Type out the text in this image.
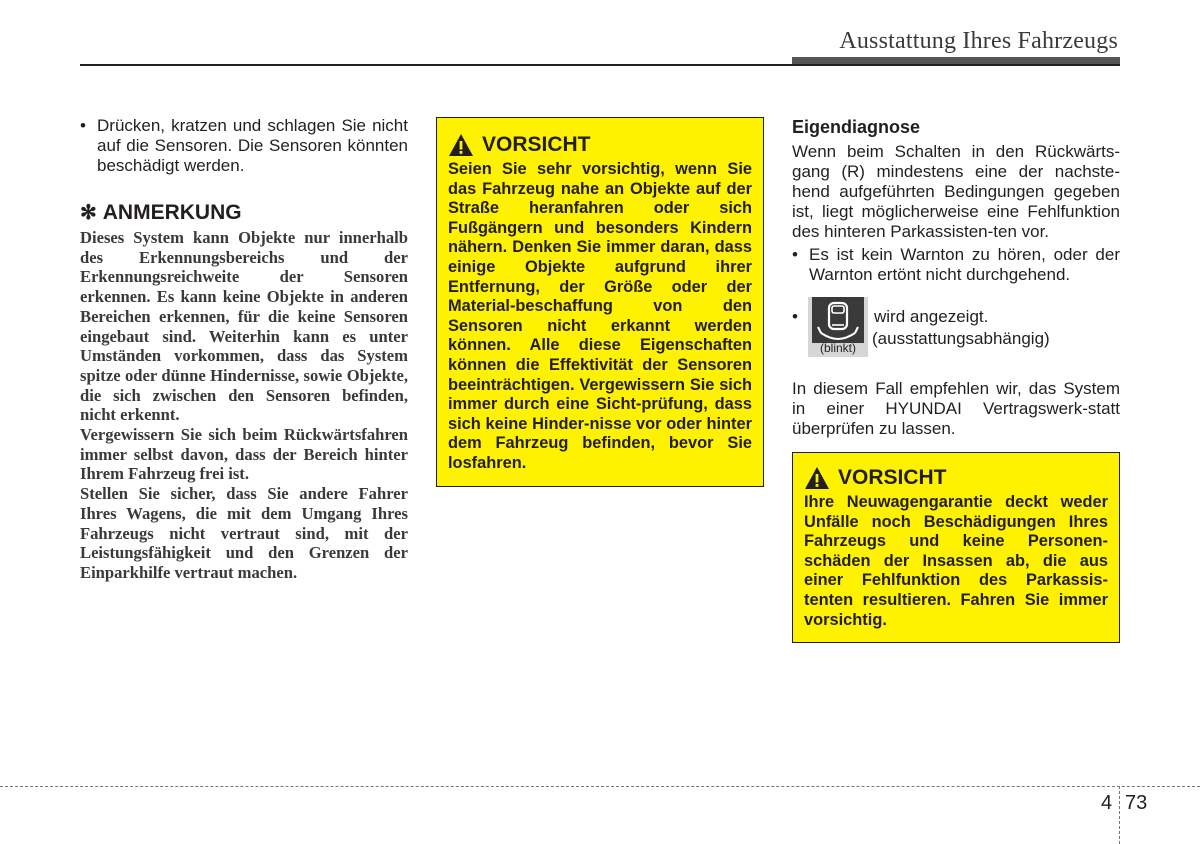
Ausstattung Ihres Fahrzeugs
• Drücken, kratzen und schlagen Sie nicht auf die Sensoren. Die Sensoren könnten beschädigt werden.
✻ ANMERKUNG

Dieses System kann Objekte nur innerhalb des Erkennungsbereichs und der Erkennungsreichweite der Sensoren erkennen. Es kann keine Objekte in anderen Bereichen erkennen, für die keine Sensoren eingebaut sind. Weiterhin kann es unter Umständen vorkommen, dass das System spitze oder dünne Hindernisse, sowie Objekte, die sich zwischen den Sensoren befinden, nicht erkennt.

Vergewissern Sie sich beim Rückwärtsfahren immer selbst davon, dass der Bereich hinter Ihrem Fahrzeug frei ist.

Stellen Sie sicher, dass Sie andere Fahrer Ihres Wagens, die mit dem Umgang Ihres Fahrzeugs nicht vertraut sind, mit der Leistungsfähigkeit und den Grenzen der Einparkhilfe vertraut machen.

VORSICHT
Seien Sie sehr vorsichtig, wenn Sie das Fahrzeug nahe an Objekte auf der Straße heranfahren oder sich Fußgängern und besonders Kindern nähern. Denken Sie immer daran, dass einige Objekte aufgrund ihrer Entfernung, der Größe oder der Material-beschaffung von den Sensoren nicht erkannt werden können. Alle diese Eigenschaften können die Effektivität der Sensoren beeinträchtigen. Vergewissern Sie sich immer durch eine Sicht-prüfung, dass sich keine Hinder-nisse vor oder hinter dem Fahrzeug befinden, bevor Sie losfahren.
Eigendiagnose
Wenn beim Schalten in den Rückwärts-gang (R) mindestens eine der nachste-hend aufgeführten Bedingungen gegeben ist, liegt möglicherweise eine Fehlfunktion des hinteren Parkassisten-ten vor.
• Es ist kein Warnton zu hören, oder der Warnton ertönt nicht durchgehend.
•
(blinkt)
wird angezeigt.
(ausstattungsabhängig)
In diesem Fall empfehlen wir, das System in einer HYUNDAI Vertragswerk-statt überprüfen zu lassen.
VORSICHT
Ihre Neuwagengarantie deckt weder Unfälle noch Beschädigungen Ihres Fahrzeugs und keine Personen-schäden der Insassen ab, die aus einer Fehlfunktion des Parkassis-tenten resultieren. Fahren Sie immer vorsichtig.
4 73
